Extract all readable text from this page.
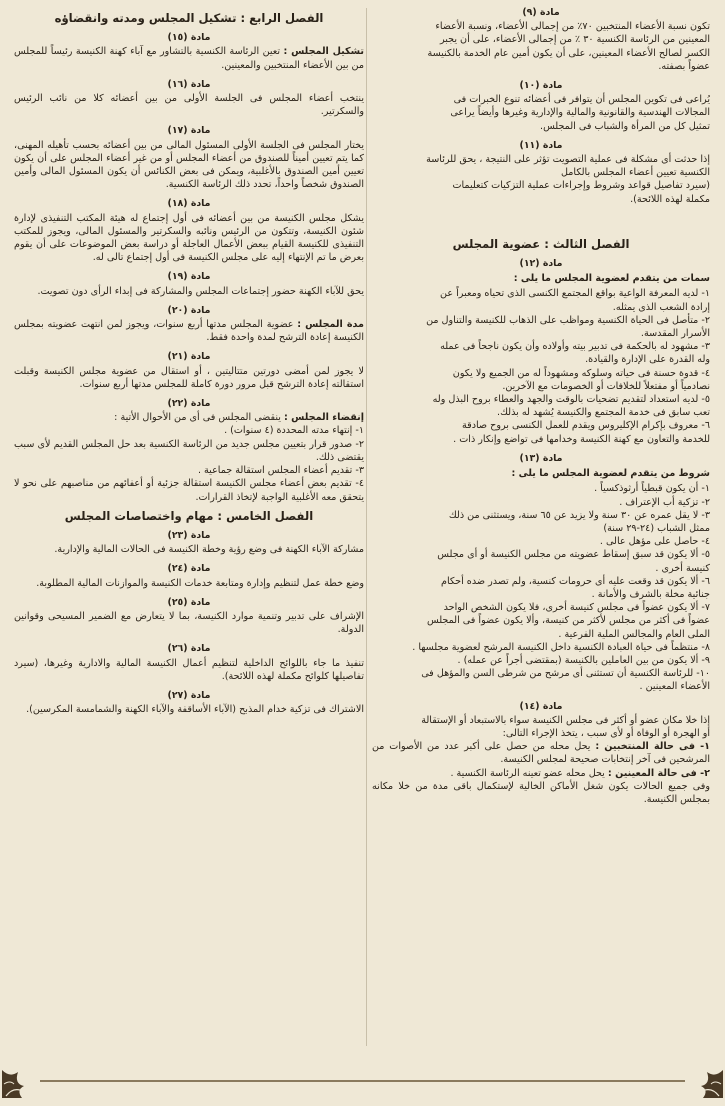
مادة (٩)
تكون نسبة الأعضاء المنتخبين ٧٠٪ من إجمالى الأعضاء، ونسبة الأعضاء
المعينين من الرئاسة الكنسية ٣٠ ٪ من إجمالى الأعضاء، على أن يجبر
الكسر لصالح الأعضاء المعينين، على أن يكون أمين عام الخدمة بالكنيسة
عضواً بصفته.
مادة (١٠)
يُراعى فى تكوين المجلس أن يتوافر فى أعضائه تنوع الخبرات فى
المجالات الهندسية والقانونية والمالية والإدارية وغيرها وأيضاً يراعى
تمثيل كل من المرأة والشباب فى المجلس.
مادة (١١)
إذا حدثت أى مشكلة فى عملية التصويت تؤثر على النتيجة ، يحق للرئاسة
الكنسية تعيين أعضاء المجلس بالكامل
(سيرد تفاصيل قواعد وشروط وإجراءات عملية التزكيات كتعليمات
مكملة لهذه اللائحة).
الفصل الثالث : عضوية المجلس
مادة (١٢)
سمات من يتقدم لعضوية المجلس ما يلى :
١- لديه المعرفة الواعية بواقع المجتمع الكنسى الذى تحياه ومعبراً عن
إرادة الشعب الذى يمثله.
٢- متأصل فى الحياة الكنسية ومواظب على الذهاب للكنيسة والتناول من
الأسرار المقدسة.
٣- مشهود له بالحكمة فى تدبير بيته وأولاده وأن يكون ناجحاً فى عمله
وله القدرة على الإدارة والقيادة.
٤- قدوة حسنة فى حياته وسلوكه ومشهوداً له من الجميع ولا يكون
نصادمياً أو مفتعلاً للخلافات أو الخصومات مع الآخرين.
٥- لديه استعداد لتقديم تضحيات بالوقت والجهد والعطاء بروح البذل وله
تعب سابق فى خدمة المجتمع والكنيسة يُشهد له بذلك.
٦- معروف بإكرام الإكليروس ويقدم للعمل الكنسى بروح صادقة
للخدمة والتعاون مع كهنة الكنيسة وخدامها فى تواضع وإنكار ذات .
مادة (١٣)
شروط من يتقدم لعضوية المجلس ما يلى :
١- أن يكون قبطياً أرثوذكسياً .
٢- تزكية أب الإعتراف .
٣- لا يقل عمره عن ٣٠ سنة ولا يزيد عن ٦٥ سنة، ويستثنى من ذلك
ممثل الشباب (٢٤-٢٩ سنة)
٤- حاصل على مؤهل عالى .
٥- ألا يكون قد سبق إسقاط عضويته من مجلس الكنيسة أو أى مجلس
كنيسة أخرى .
٦- ألا يكون قد وقعت عليه أى حرومات كنسية، ولم تصدر ضده أحكام
جنائية مخلة بالشرف والأمانة .
٧- ألا يكون عضواً فى مجلس كنيسة أخرى، فلا يكون الشخص الواحد
عضواً فى أكثر من مجلس لأكثر من كنيسة، وألا يكون عضواً فى المجلس
الملى العام والمجالس الملية الفرعية .
٨- منتظماً فى حياة العبادة الكنسية داخل الكنيسة المرشح لعضوية مجلسها .
٩- ألا يكون من بين العاملين بالكنيسة (بمقتضى أجراً عن عمله) .
١٠- للرئاسة الكنسية أن تستثنى أى مرشح من شرطى السن والمؤهل فى
الأعضاء المعينين .
مادة (١٤)
إذا خلا مكان عضو أو أكثر فى مجلس الكنيسة سواء بالاستبعاد أو الإستقالة
أو الهجرة أو الوفاة أو لأى سبب ، يتخذ الإجراء التالى:

١- فى حالة المنتخبين : يحل محله من حصل على أكبر عدد من الأصوات من المرشحين فى آخر إنتخابات صحيحة لمجلس الكنيسة.

٢- فى حالة المعينين : يحل محله عضو تعينه الرئاسة الكنسية .

وفى جميع الحالات يكون شغل الأماكن الخالية لإستكمال باقى مدة من خلا مكانه بمجلس الكنيسة.

الفصل الرابع : تشكيل المجلس ومدته وانقضاؤه
مادة (١٥)

تشكيل المجلس : تعين الرئاسة الكنسية بالتشاور مع آباء كهنة الكنيسة رئيساً للمجلس من بين الأعضاء المنتخبين والمعينين.

مادة (١٦)

ينتخب أعضاء المجلس فى الجلسة الأولى من بين أعضائه كلا من نائب الرئيس والسكرتير.

مادة (١٧)

يختار المجلس فى الجلسة الأولى المسئول المالى من بين أعضائه بحسب تأهيله المهنى، كما يتم تعيين أميناً للصندوق من أعضاء المجلس أو من غير أعضاء المجلس على أن يكون تعيين أمين الصندوق بالأغلبية، ويمكن فى بعض الكنائس أن يكون المسئول المالى وأمين الصندوق شخصاً واحداً، تحدد ذلك الرئاسة الكنسية.

مادة (١٨)

يشكل مجلس الكنيسة من بين أعضائه فى أول إجتماع له هيئة المكتب التنفيذى لإدارة شئون الكنيسة، وتتكون من الرئيس ونائبه والسكرتير والمسئول المالى، ويجوز للمكتب التنفيذى للكنيسة القيام ببعض الأعمال العاجلة أو دراسة بعض الموضوعات على أن يقوم بعرض ما تم الإنتهاء إليه على مجلس الكنيسة فى أول إجتماع تالى له.

مادة (١٩)

يحق للآباء الكهنة حضور إجتماعات المجلس والمشاركة فى إبداء الرأى دون تصويت.

مادة (٢٠)

مدة المجلس : عضوية المجلس مدتها أربع سنوات، ويجوز لمن انتهت عضويته بمجلس الكنيسة إعادة الترشح لمدة واحدة فقط.

مادة (٢١)

لا يجوز لمن أمضى دورتين متتاليتين ، أو استقال من عضوية مجلس الكنيسة وقبلت استقالته إعادة الترشح قبل مرور دورة كاملة للمجلس مدتها أربع سنوات.

مادة (٢٢)

إنقضاء المجلس : ينقضى المجلس فى أى من الأحوال الأتية :

١- إنتهاء مدته المحددة (٤ سنوات) .

٢- صدور قرار بتعيين مجلس جديد من الرئاسة الكنسية بعد حل المجلس القديم لأى سبب يقتضى ذلك.

٣- تقديم أعضاء المجلس استقالة جماعية .

٤- تقديم بعض أعضاء مجلس الكنيسة استقالة جزئية أو أعفائهم من مناصبهم على نحو لا يتحقق معه الأغلبية الواجبة لإتخاذ القرارات.

الفصل الخامس : مهام واختصاصات المجلس
مادة (٢٣)

مشاركة الآباء الكهنة فى وضع رؤية وخطة الكنيسة فى الحالات المالية والإدارية.

مادة (٢٤)

وضع خطة عمل لتنظيم وإدارة ومتابعة خدمات الكنيسة والموازنات المالية المطلوبة.

مادة (٢٥)

الإشراف على تدبير وتنمية موارد الكنيسة، بما لا يتعارض مع الضمير المسيحى وقوانين الدولة.

مادة (٢٦)

تنفيذ ما جاء باللوائح الداخلية لتنظيم أعمال الكنيسة المالية والادارية وغيرها، (سيرد تفاصيلها كلوائح مكملة لهذه اللائحة).

مادة (٢٧)

الاشتراك فى تزكية خدام المذبح (الآباء الأساقفة والآباء الكهنة والشمامسة المكرسين).
